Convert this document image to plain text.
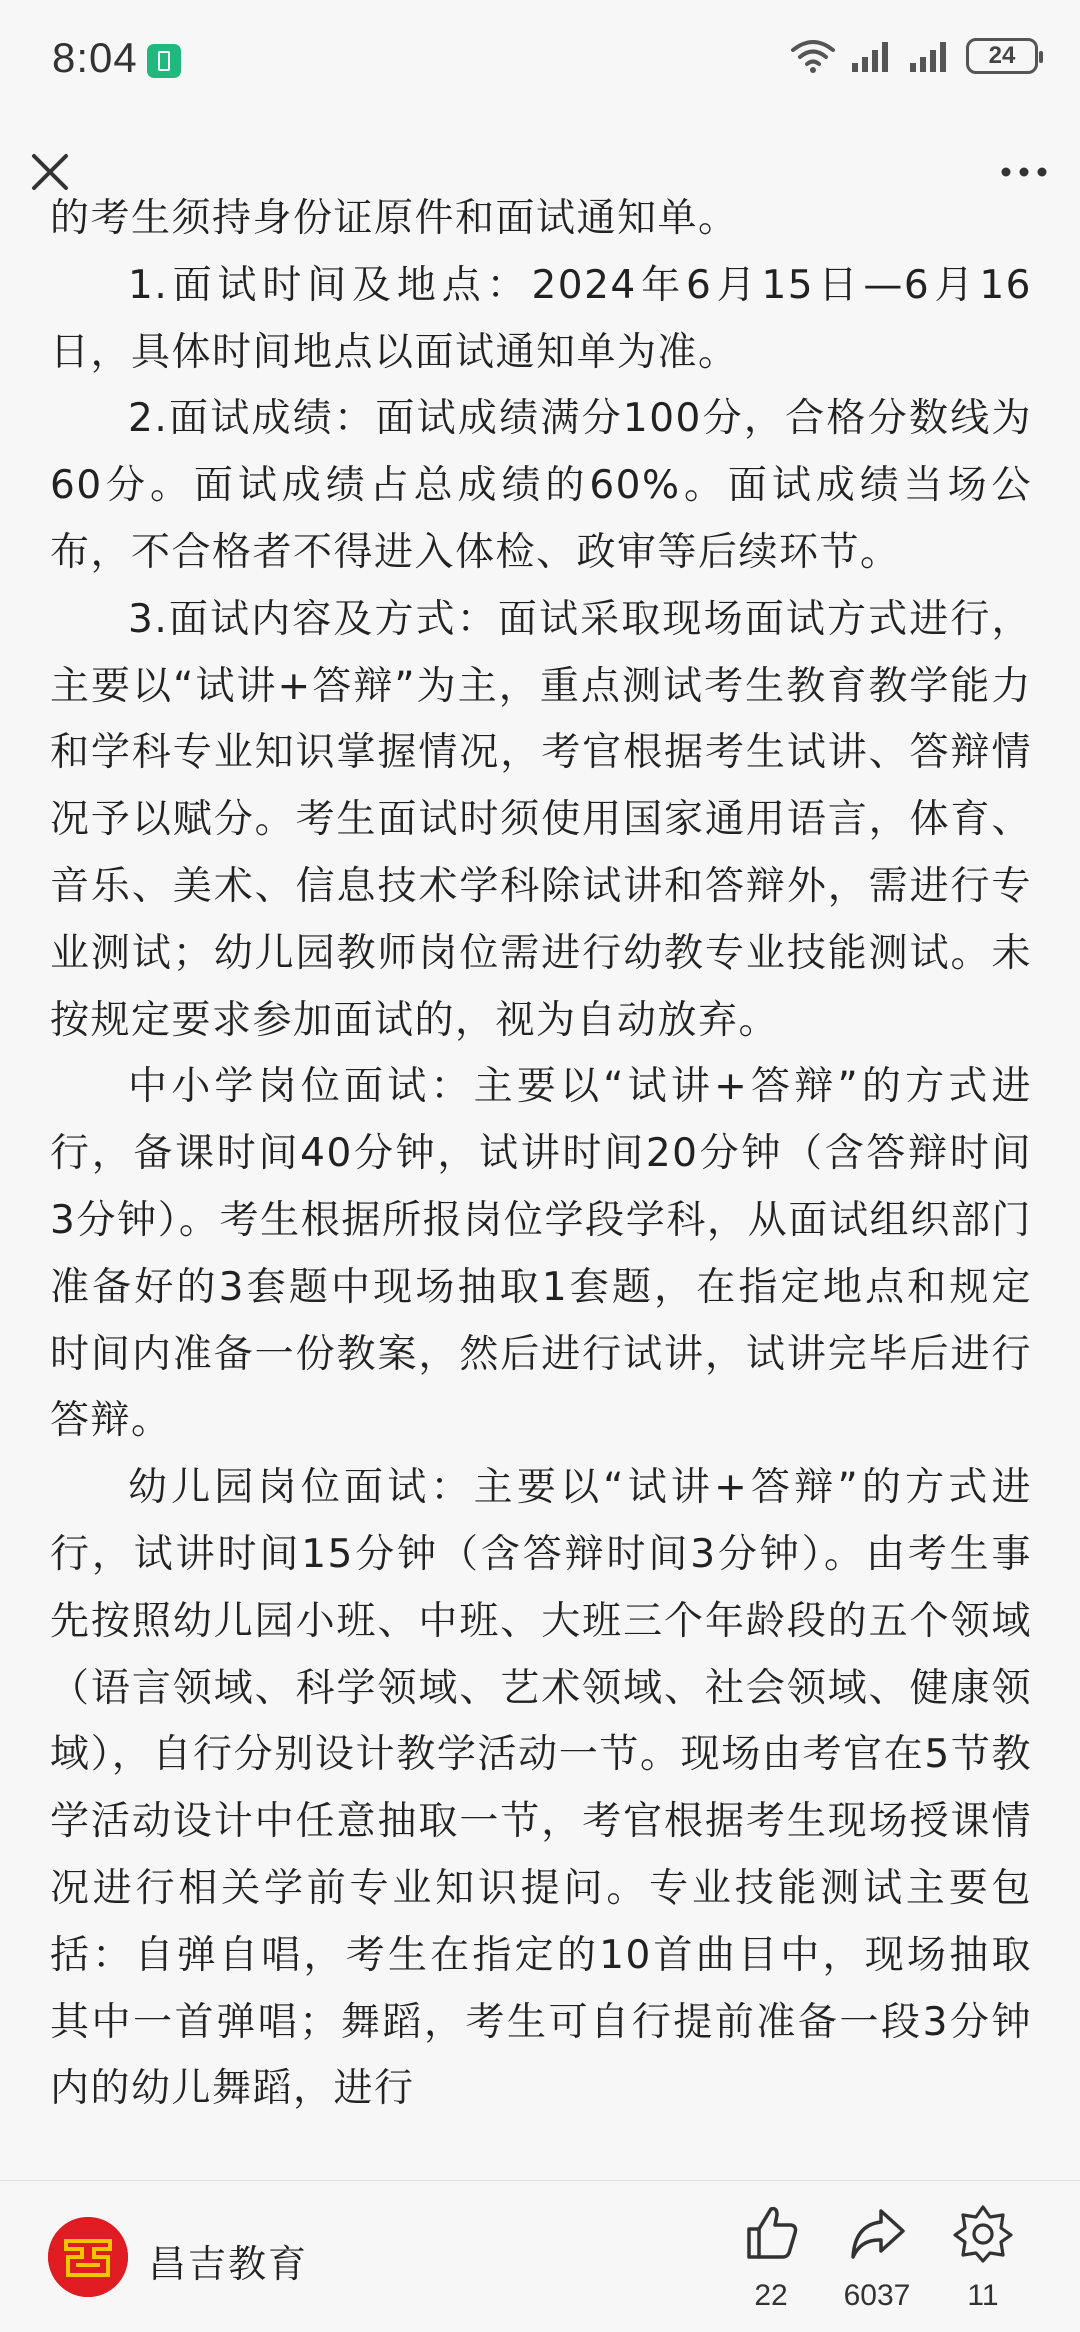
8:04	24

的考生须持身份证原件和面试通知单。

1.面试时间及地点：2024年6月15日—6月16日，具体时间地点以面试通知单为准。

2.面试成绩：面试成绩满分100分，合格分数线为60分。面试成绩占总成绩的60%。面试成绩当场公布，不合格者不得进入体检、政审等后续环节。

3.面试内容及方式：面试采取现场面试方式进行，主要以“试讲+答辩”为主，重点测试考生教育教学能力和学科专业知识掌握情况，考官根据考生试讲、答辩情况予以赋分。考生面试时须使用国家通用语言，体育、音乐、美术、信息技术学科除试讲和答辩外，需进行专业测试；幼儿园教师岗位需进行幼教专业技能测试。未按规定要求参加面试的，视为自动放弃。

中小学岗位面试：主要以“试讲+答辩”的方式进行，备课时间40分钟，试讲时间20分钟（含答辩时间3分钟）。考生根据所报岗位学段学科，从面试组织部门准备好的3套题中现场抽取1套题，在指定地点和规定时间内准备一份教案，然后进行试讲，试讲完毕后进行答辩。

幼儿园岗位面试：主要以“试讲+答辩”的方式进行，试讲时间15分钟（含答辩时间3分钟）。由考生事先按照幼儿园小班、中班、大班三个年龄段的五个领域（语言领域、科学领域、艺术领域、社会领域、健康领域），自行分别设计教学活动一节。现场由考官在5节教学活动设计中任意抽取一节，考官根据考生现场授课情况进行相关学前专业知识提问。专业技能测试主要包括：自弹自唱，考生在指定的10首曲目中，现场抽取其中一首弹唱；舞蹈，考生可自行提前准备一段3分钟内的幼儿舞蹈，进行

昌吉教育
22	6037	11
